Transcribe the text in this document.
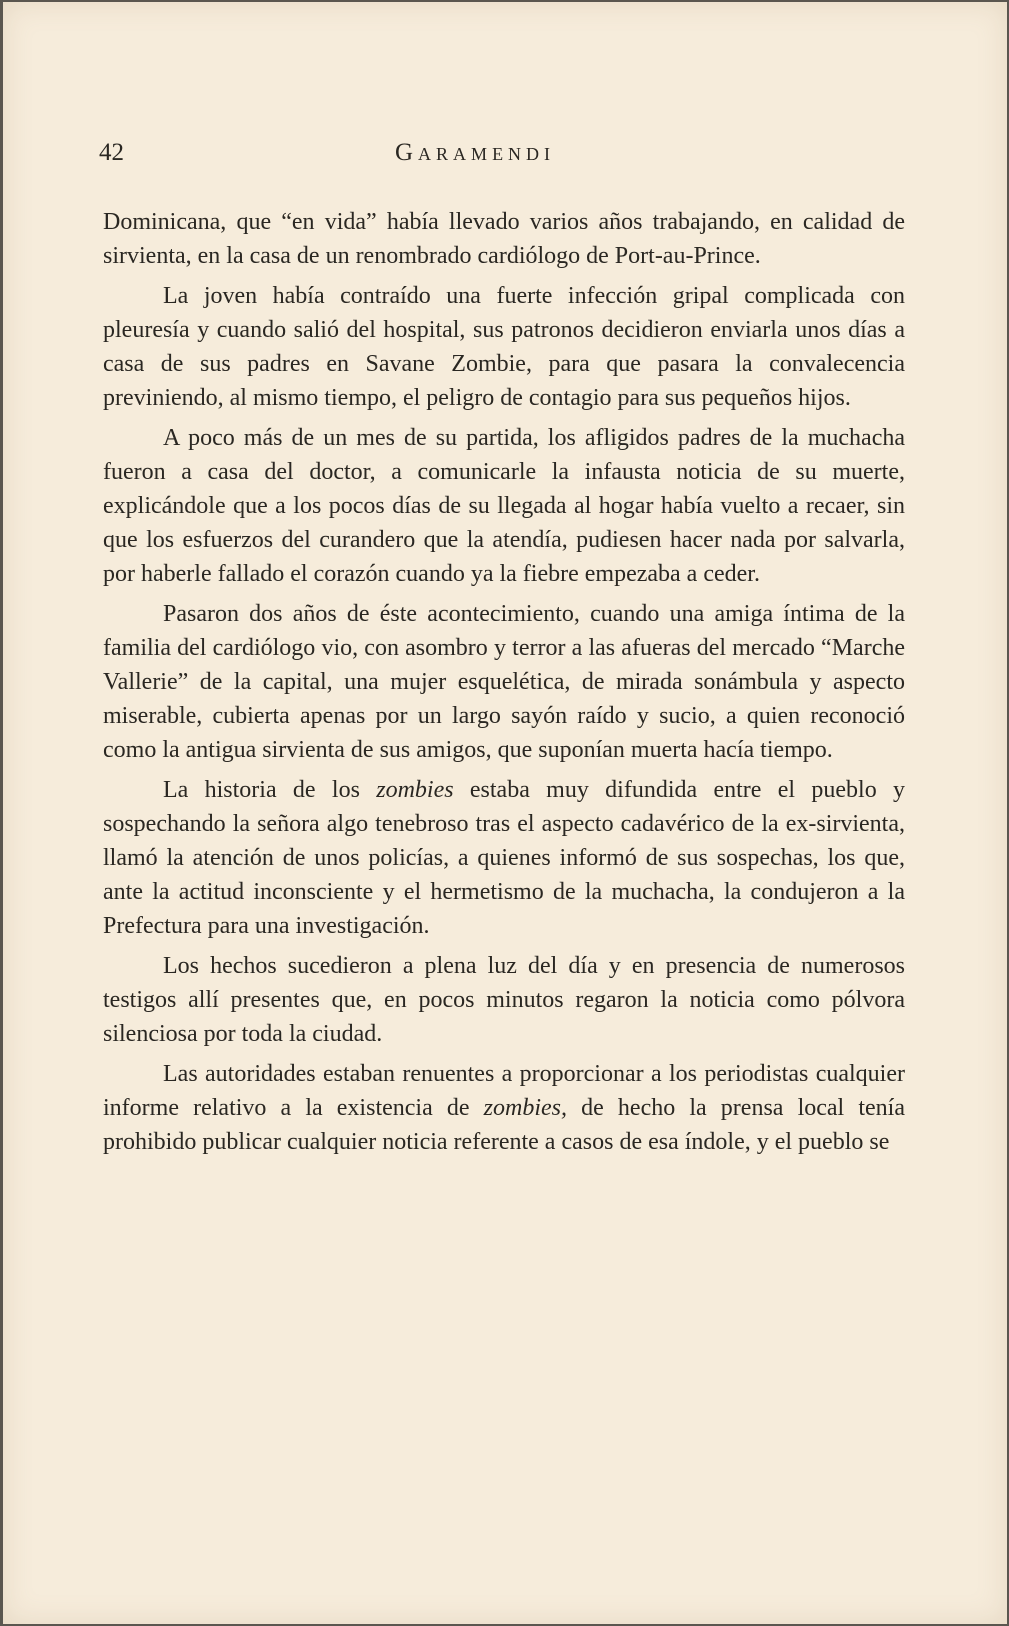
42	Garamendi

Dominicana, que “en vida” había llevado varios años trabajando, en calidad de sirvienta, en la casa de un renombrado cardiólogo de Port-au-Prince.

La joven había contraído una fuerte infección gripal complicada con pleuresía y cuando salió del hospital, sus patronos decidieron enviarla unos días a casa de sus padres en Savane Zombie, para que pasara la convalecencia previniendo, al mismo tiempo, el peligro de contagio para sus pequeños hijos.

A poco más de un mes de su partida, los afligidos padres de la muchacha fueron a casa del doctor, a comunicarle la infausta noticia de su muerte, explicándole que a los pocos días de su llegada al hogar había vuelto a recaer, sin que los esfuerzos del curandero que la atendía, pudiesen hacer nada por salvarla, por haberle fallado el corazón cuando ya la fiebre empezaba a ceder.

Pasaron dos años de éste acontecimiento, cuando una amiga íntima de la familia del cardiólogo vio, con asombro y terror a las afueras del mercado “Marche Vallerie” de la capital, una mujer esquelética, de mirada sonámbula y aspecto miserable, cubierta apenas por un largo sayón raído y sucio, a quien reconoció como la antigua sirvienta de sus amigos, que suponían muerta hacía tiempo.

La historia de los zombies estaba muy difundida entre el pueblo y sospechando la señora algo tenebroso tras el aspecto cadavérico de la ex-sirvienta, llamó la atención de unos policías, a quienes informó de sus sospechas, los que, ante la actitud inconsciente y el hermetismo de la muchacha, la condujeron a la Prefectura para una investigación.

Los hechos sucedieron a plena luz del día y en presencia de numerosos testigos allí presentes que, en pocos minutos regaron la noticia como pólvora silenciosa por toda la ciudad.

Las autoridades estaban renuentes a proporcionar a los periodistas cualquier informe relativo a la existencia de zombies, de hecho la prensa local tenía prohibido publicar cualquier noticia referente a casos de esa índole, y el pueblo se
